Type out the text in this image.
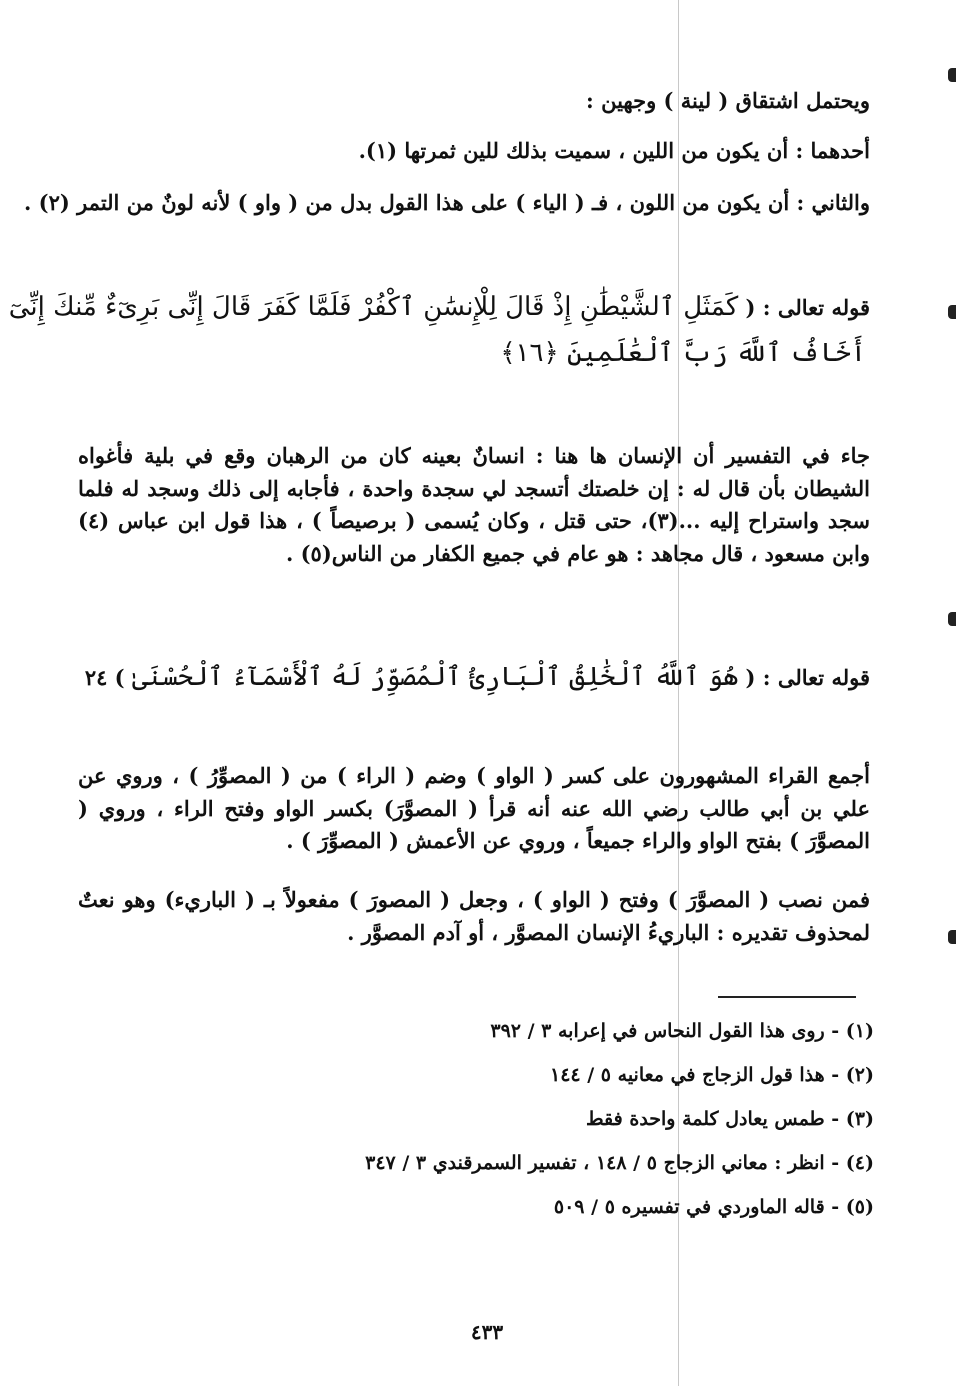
ويحتمل اشتقاق ( لينة ) وجهين :
أحدهما : أن يكون من اللين ، سميت بذلك للين ثمرتها (١).
والثاني : أن يكون من اللون ، فـ ( الياء ) على هذا القول بدل من ( واو ) لأنه لونٌ من التمر (٢) .
قوله تعالى : ( كَمَثَلِ ٱلشَّيْطَٰنِ إِذْ قَالَ لِلْإِنسَٰنِ ٱكْفُرْ فَلَمَّا كَفَرَ قَالَ إِنِّى بَرِىٓءٌ مِّنكَ إِنِّىٓ
أَخَافُ ٱللَّهَ رَبَّ ٱلْعَٰلَمِينَ ﴿١٦﴾
جاء في التفسير أن الإنسان ها هنا : انسانٌ بعينه كان من الرهبان وقع في بلية فأغواه الشيطان بأن قال له : إن خلصتك أتسجد لي سجدة واحدة ، فأجابه إلى ذلك وسجد له فلما سجد واستراح إليه ...(٣)، حتى قتل ، وكان يُسمى ( برصيصاً ) ، هذا قول ابن عباس (٤) وابن مسعود ، قال مجاهد : هو عام في جميع الكفار من الناس(٥) .
قوله تعالى : ( هُوَ ٱللَّهُ ٱلْخَٰلِقُ ٱلْبَارِئُ ٱلْمُصَوِّرُ لَهُ ٱلْأَسْمَآءُ ٱلْحُسْنَىٰ ) ٢٤
أجمع القراء المشهورون على كسر ( الواو ) وضم ( الراء ) من ( المصوِّرُ ) ، وروي عن علي بن أبي طالب رضي الله عنه أنه قرأ ( المصوَّرَ) بكسر الواو وفتح الراء ، وروي ( المصوَّرَ ) بفتح الواو والراء جميعاً ، وروي عن الأعمش ( المصوِّرَ ) .
فمن نصب ( المصوَّرَ ) وفتح ( الواو ) ، وجعل ( المصورَ ) مفعولاً بـ ( الباريء) وهو نعتٌ لمحذوف تقديره : الباريءُ الإنسان المصوَّر ، أو آدم المصوَّر .
(١) - روى هذا القول النحاس في إعرابه ٣ / ٣٩٢
(٢) - هذا قول الزجاج في معانيه ٥ / ١٤٤
(٣) - طمس يعادل كلمة واحدة فقط
(٤) - انظر : معاني الزجاج ٥ / ١٤٨ ، تفسير السمرقندي ٣ / ٣٤٧
(٥) - قاله الماوردي في تفسيره ٥ / ٥٠٩
٤٣٣
